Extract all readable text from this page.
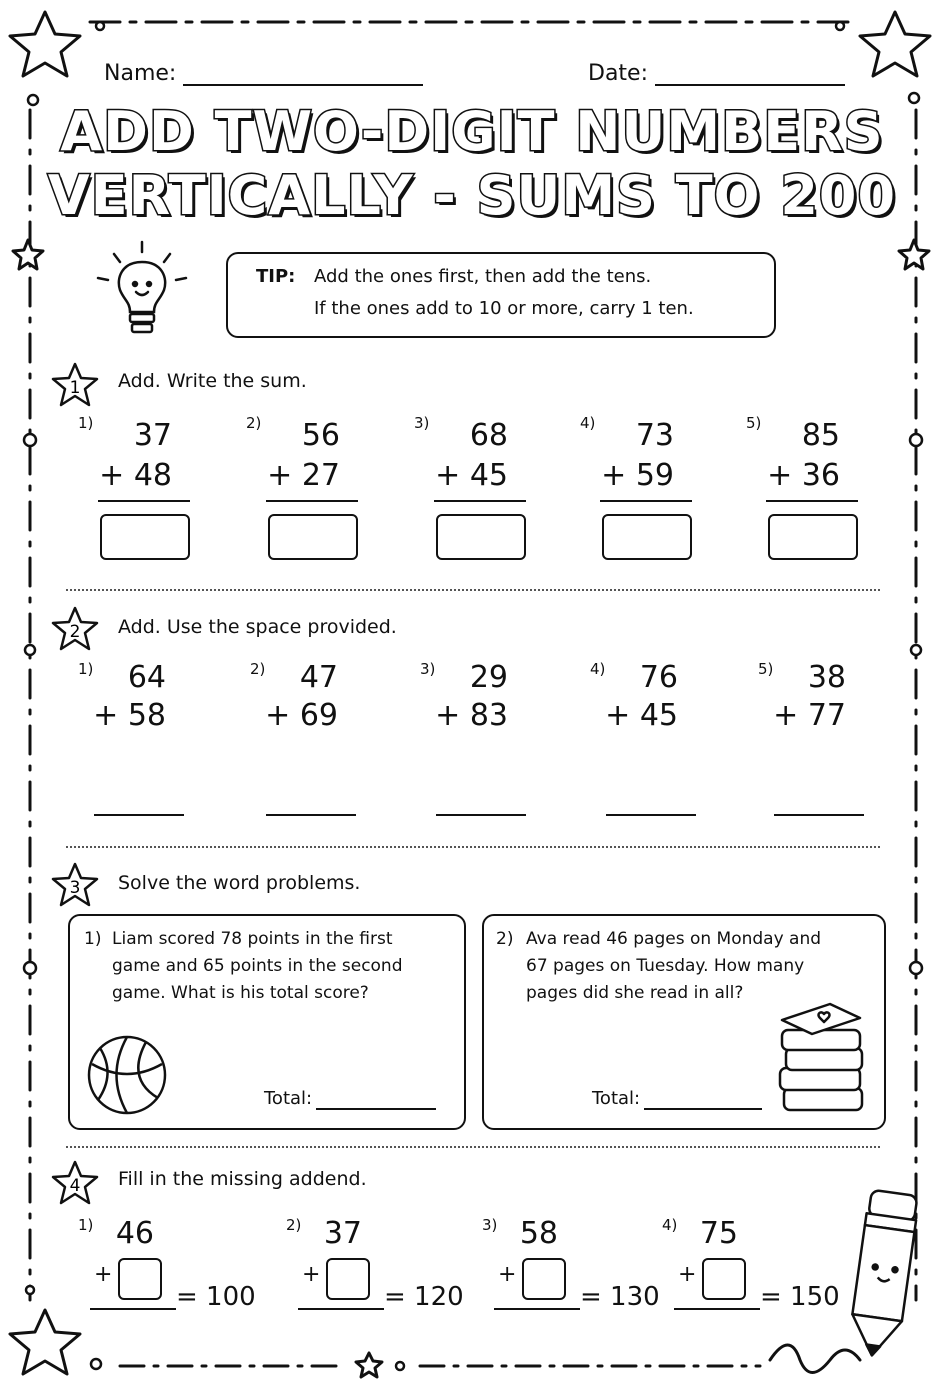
Name:	Date:
ADD TWO-DIGIT NUMBERS
VERTICALLY - SUMS TO 200
TIP: Add the ones first, then add the tens.
If the ones add to 10 or more, carry 1 ten.
1 Add. Write the sum.
1)	37
+ 48
2)	56
+ 27
3)	68
+ 45
4)	73
+ 59
5)	85
+ 36
2 Add. Use the space provided.
1)	64
+ 58
2)	47
+ 69
3)	29
+ 83
4)	76
+ 45
5)	38
+ 77
3 Solve the word problems.
1) Liam scored 78 points in the first
game and 65 points in the second
game. What is his total score?
Total:
2) Ava read 46 pages on Monday and
67 pages on Tuesday. How many
pages did she read in all?
Total:
4 Fill in the missing addend.
1) 46
+
= 100
2) 37
+
= 120
3) 58
+
= 130
4) 75
+
= 150
